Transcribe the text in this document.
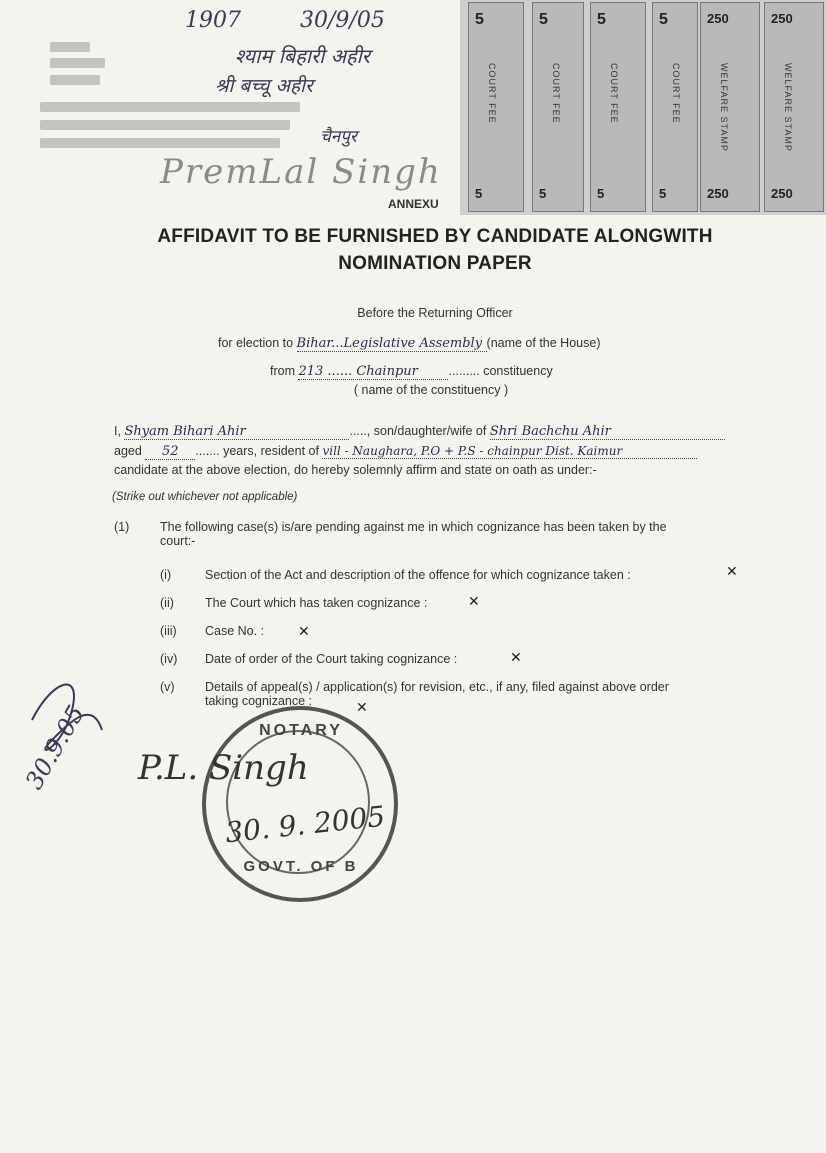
1907	30/9/05
श्याम बिहारी अहीर
श्री बच्चू अहीर
चैनपुर
PremLal Singh
5
COURT FEE
5
5
COURT FEE
5
5
COURT FEE
5
5
COURT FEE
5
250
WELFARE STAMP
250
250
WELFARE STAMP
250
ANNEXU
AFFIDAVIT TO BE FURNISHED BY CANDIDATE ALONGWITH
NOMINATION PAPER
Before the Returning Officer
for election to Bihar...Legislative Assembly (name of the House)
from 213 ...... Chainpur ......... constituency
( name of the constituency )
I, Shyam Bihari Ahir	....., son/daughter/wife of Shri Bachchu Ahir
aged 52 ....... years, resident of vill - Naughara, P.O + P.S - chainpur Dist. Kaimur
candidate at the above election, do hereby solemnly affirm and state on oath as under:-
(Strike out whichever not applicable)
(1) The following case(s) is/are pending against me in which cognizance has been taken by the
court:-
(i)	Section of the Act and description of the offence for which cognizance taken :	✕
(ii) The Court which has taken cognizance :	✕
(iii) Case No. : ✕
(iv) Date of order of the Court taking cognizance :	✕
(v) Details of appeal(s) / application(s) for revision, etc., if any, filed against above order
taking cognizance :	✕
30.9.05	NOTARY
GOVT. OF B
P.L. Singh
30. 9. 2005
